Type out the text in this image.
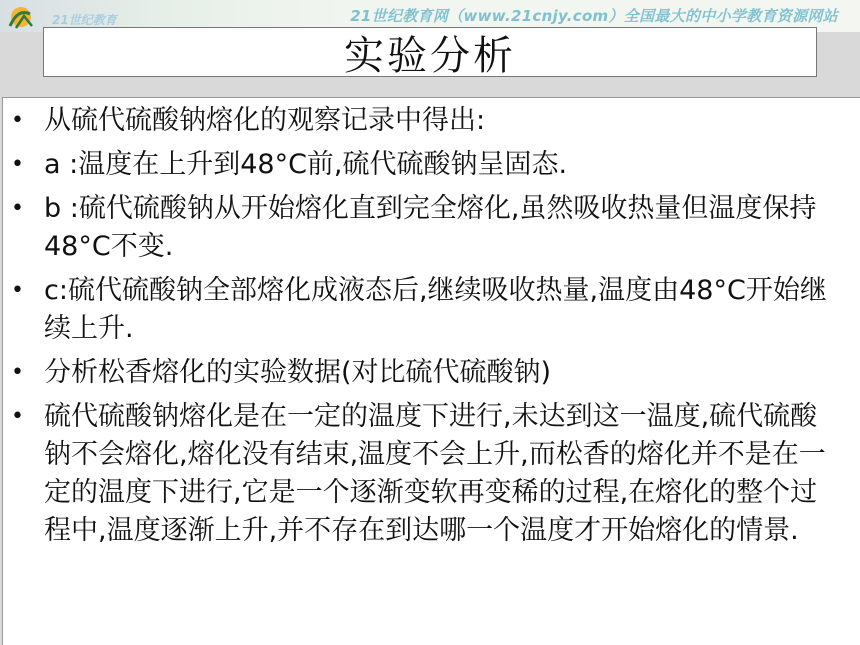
21世纪教育	21世纪教育网（www.21cnjy.com）全国最大的中小学教育资源网站
实验分析
• 从硫代硫酸钠熔化的观察记录中得出:
• a :温度在上升到48°C前,硫代硫酸钠呈固态.
• b :硫代硫酸钠从开始熔化直到完全熔化,虽然吸收热量但温度保持48°C不变.
• c:硫代硫酸钠全部熔化成液态后,继续吸收热量,温度由48°C开始继续上升.
• 分析松香熔化的实验数据(对比硫代硫酸钠)
• 硫代硫酸钠熔化是在一定的温度下进行,未达到这一温度,硫代硫酸钠不会熔化,熔化没有结束,温度不会上升,而松香的熔化并不是在一定的温度下进行,它是一个逐渐变软再变稀的过程,在熔化的整个过程中,温度逐渐上升,并不存在到达哪一个温度才开始熔化的情景.
